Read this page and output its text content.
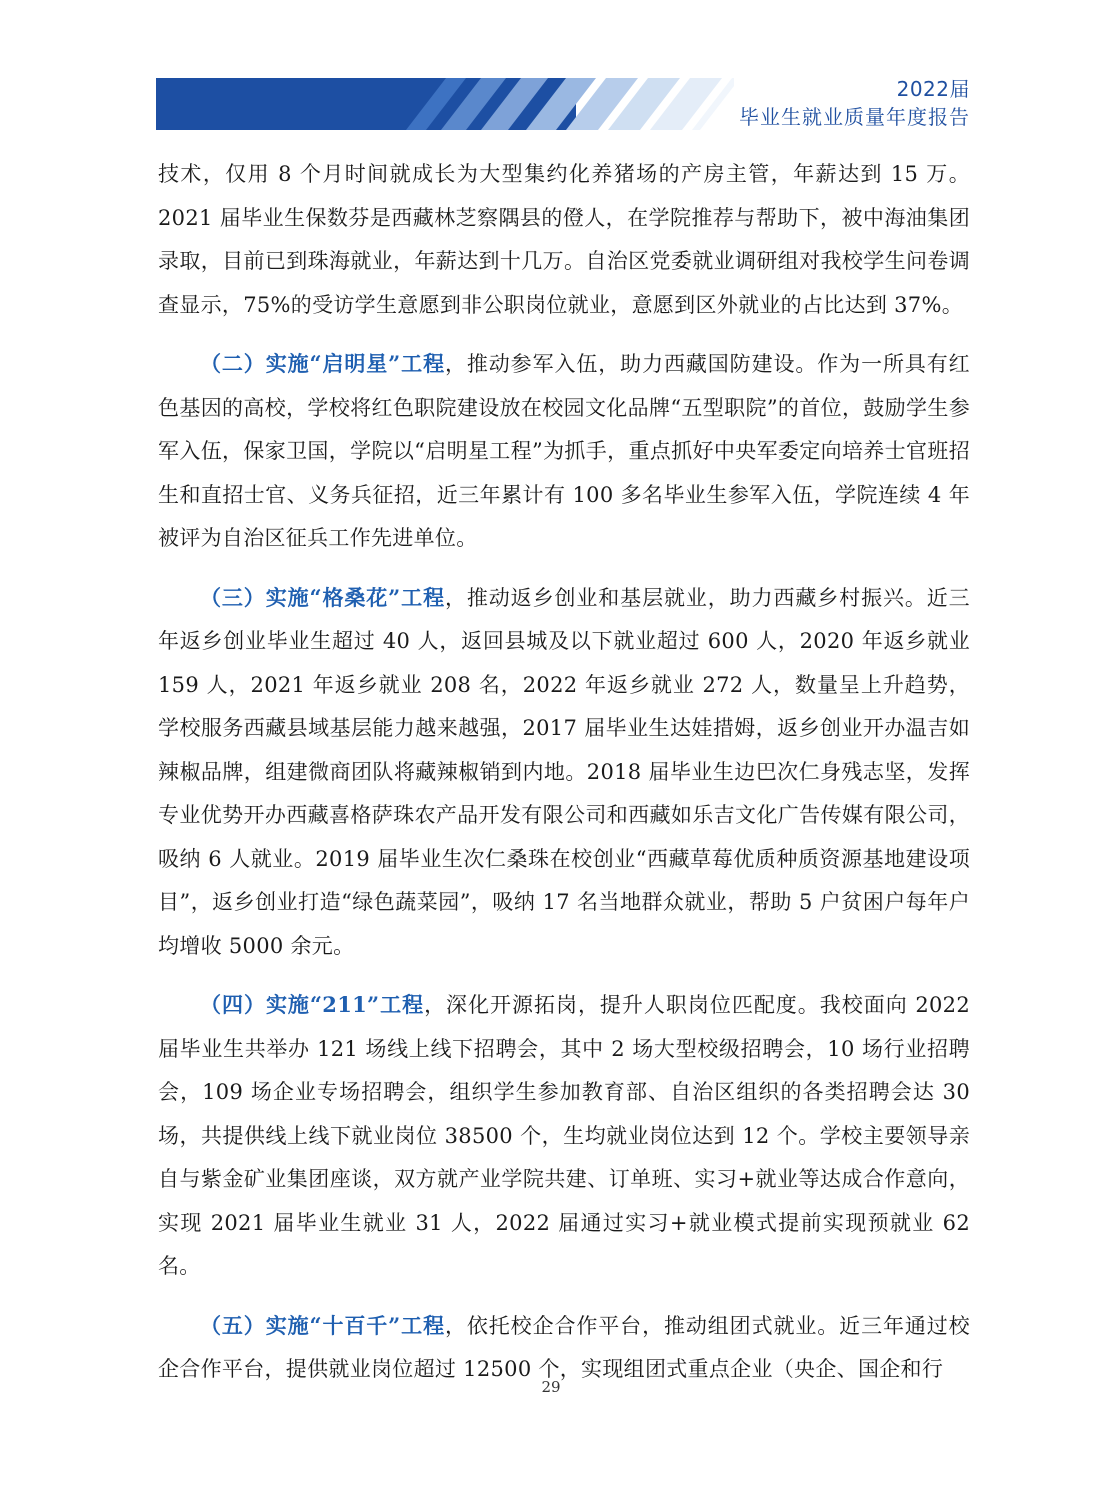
2022届
毕业生就业质量年度报告

技术，仅用 8 个月时间就成长为大型集约化养猪场的产房主管，年薪达到 15 万。2021 届毕业生保数芬是西藏林芝察隅县的僜人，在学院推荐与帮助下，被中海油集团录取，目前已到珠海就业，年薪达到十几万。自治区党委就业调研组对我校学生问卷调查显示，75%的受访学生意愿到非公职岗位就业，意愿到区外就业的占比达到 37%。

（二）实施“启明星”工程，推动参军入伍，助力西藏国防建设。作为一所具有红色基因的高校，学校将红色职院建设放在校园文化品牌“五型职院”的首位，鼓励学生参军入伍，保家卫国，学院以“启明星工程”为抓手，重点抓好中央军委定向培养士官班招生和直招士官、义务兵征招，近三年累计有 100 多名毕业生参军入伍，学院连续 4 年被评为自治区征兵工作先进单位。

（三）实施“格桑花”工程，推动返乡创业和基层就业，助力西藏乡村振兴。近三年返乡创业毕业生超过 40 人，返回县城及以下就业超过 600 人，2020 年返乡就业 159 人，2021 年返乡就业 208 名，2022 年返乡就业 272 人，数量呈上升趋势，学校服务西藏县域基层能力越来越强，2017 届毕业生达娃措姆，返乡创业开办温吉如辣椒品牌，组建微商团队将藏辣椒销到内地。2018 届毕业生边巴次仁身残志坚，发挥专业优势开办西藏喜格萨珠农产品开发有限公司和西藏如乐吉文化广告传媒有限公司，吸纳 6 人就业。2019 届毕业生次仁桑珠在校创业“西藏草莓优质种质资源基地建设项目”，返乡创业打造“绿色蔬菜园”，吸纳 17 名当地群众就业，帮助 5 户贫困户每年户均增收 5000 余元。

（四）实施“211”工程，深化开源拓岗，提升人职岗位匹配度。我校面向 2022 届毕业生共举办 121 场线上线下招聘会，其中 2 场大型校级招聘会，10 场行业招聘会，109 场企业专场招聘会，组织学生参加教育部、自治区组织的各类招聘会达 30 场，共提供线上线下就业岗位 38500 个，生均就业岗位达到 12 个。学校主要领导亲自与紫金矿业集团座谈，双方就产业学院共建、订单班、实习+就业等达成合作意向，实现 2021 届毕业生就业 31 人，2022 届通过实习+就业模式提前实现预就业 62 名。

（五）实施“十百千”工程，依托校企合作平台，推动组团式就业。近三年通过校企合作平台，提供就业岗位超过 12500 个，实现组团式重点企业（央企、国企和行

29
